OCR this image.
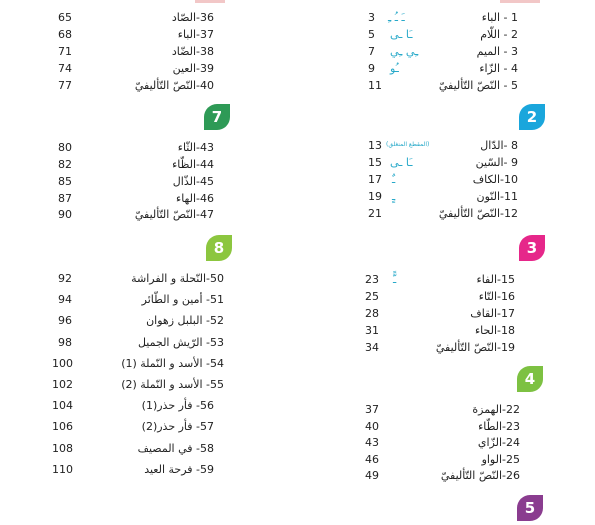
3	ـَ ـُ ـِ	1 - الباء
5	ـَا ـى	2 - اللّام
7	ـِي ـِي	3 - الميم
9	ـُو	4 - الزّاء
11	5 - النّصّ التّأليفيّ
2
13 (المقطع المنغلق)	8 -الدّال
15 ـَا ـى	9 -السّين
17 ـٌ	10-الكاف
19 ـٍ	11-النّون
21	12-النّصّ التّأليفيّ
3
23	ـًّ	15-الفاء
25	16-التّاء
28	17-القاف
31	18-الحاء
34	19-النّصّ التّأليفيّ
4
37	22-الهمزة
40	23-الطّاء
43	24-الزّاي
46	25-الواو
49	26-النّصّ التّأليفيّ
5
65	36-الصّاد
68	37-الباء
71	38-الضّاد
74	39-العين
77	40-النّصّ التّأليفيّ
7
80	43-الثّاء
82	44-الظّاء
85	45-الذّال
87	46-الهاء
90	47-النّصّ التّأليفيّ
8
92	50-النّحلة و الفراشة
94	51- أمين و الطّائر
96	52- البلبل زهوان
98	53- الرّيش الجميل
100	54- الأسد و النّملة (1)
102	55- الأسد و النّملة (2)
104	56- فأر حذر(1)
106	57- فأر حذر(2)
108	58- في المصيف
110	59- فرحة العيد
